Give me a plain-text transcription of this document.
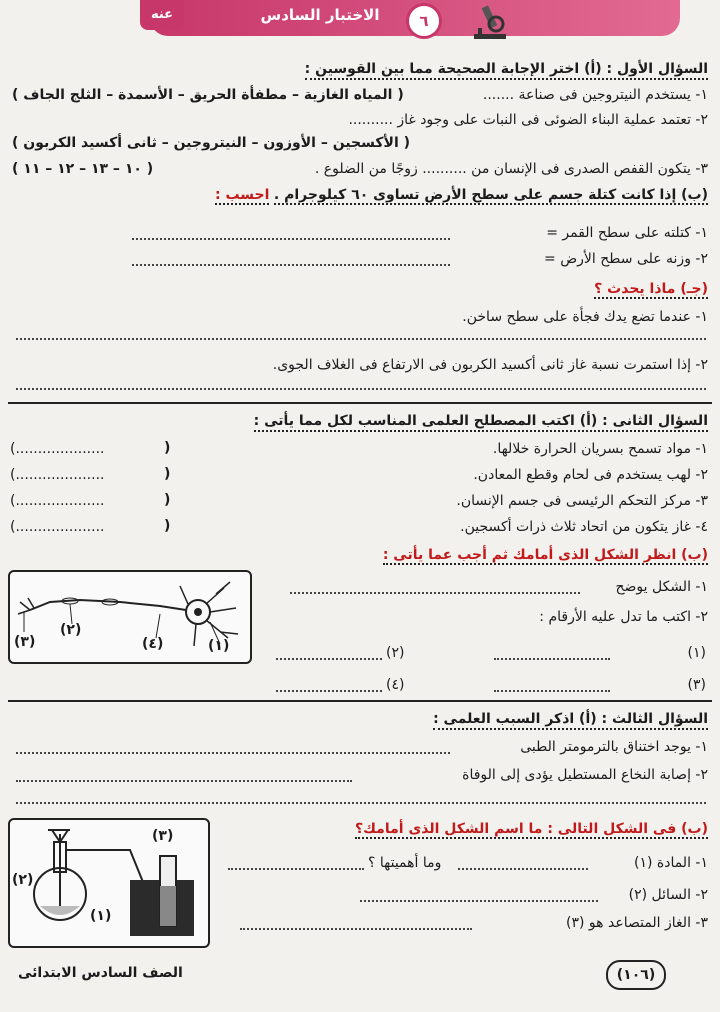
عنه	الاختبار السادس	٦
السؤال الأول : (أ) اختر الإجابة الصحيحة مما بين القوسين :
١- يستخدم النيتروجين فى صناعة .......
( المياه الغازية – مطفأة الحريق – الأسمدة – الثلج الجاف )
٢- تعتمد عملية البناء الضوئى فى النبات على وجود غاز ..........
( الأكسجين – الأوزون – النيتروجين – ثانى أكسيد الكربون )
٣- يتكون القفص الصدرى فى الإنسان من .......... زوجًا من الضلوع .
( ١٠ – ١٣ – ١٢ – ١١ )
(ب) إذا كانت كتلة جسم على سطح الأرض تساوى ٦٠ كيلوجرام . احسب :
١- كتلته على سطح القمر =
٢- وزنه على سطح الأرض =
(جـ) ماذا يحدث ؟
١- عندما تضع يدك فجأة على سطح ساخن.
٢- إذا استمرت نسبة غاز ثانى أكسيد الكربون فى الارتفاع فى الغلاف الجوى.
السؤال الثانى : (أ) اكتب المصطلح العلمى المناسب لكل مما يأتى :
١- مواد تسمح بسريان الحرارة خلالها.
(....................	)
٢- لهب يستخدم فى لحام وقطع المعادن.
(....................	)
٣- مركز التحكم الرئيسى فى جسم الإنسان.
(....................	)
٤- غاز يتكون من اتحاد ثلاث ذرات أكسجين.
(....................	)
(ب) انظر الشكل الذى أمامك ثم أجب عما يأتى :
(٣)
(٢)
(٤)	(١)
١- الشكل يوضح
٢- اكتب ما تدل عليه الأرقام :
(١)
(٢)
(٣)
(٤)
السؤال الثالث : (أ) اذكر السبب العلمى :
١- يوجد اختناق بالترمومتر الطبى
٢- إصابة النخاع المستطيل يؤدى إلى الوفاة
(ب) فى الشكل التالى : ما اسم الشكل الذى أمامك؟
(٣)
(٢)
(١)
١- المادة (١)
وما أهميتها ؟
٢- السائل (٢)
٣- الغاز المتصاعد هو (٣)
الصف السادس الابتدائى	(١٠٦)
